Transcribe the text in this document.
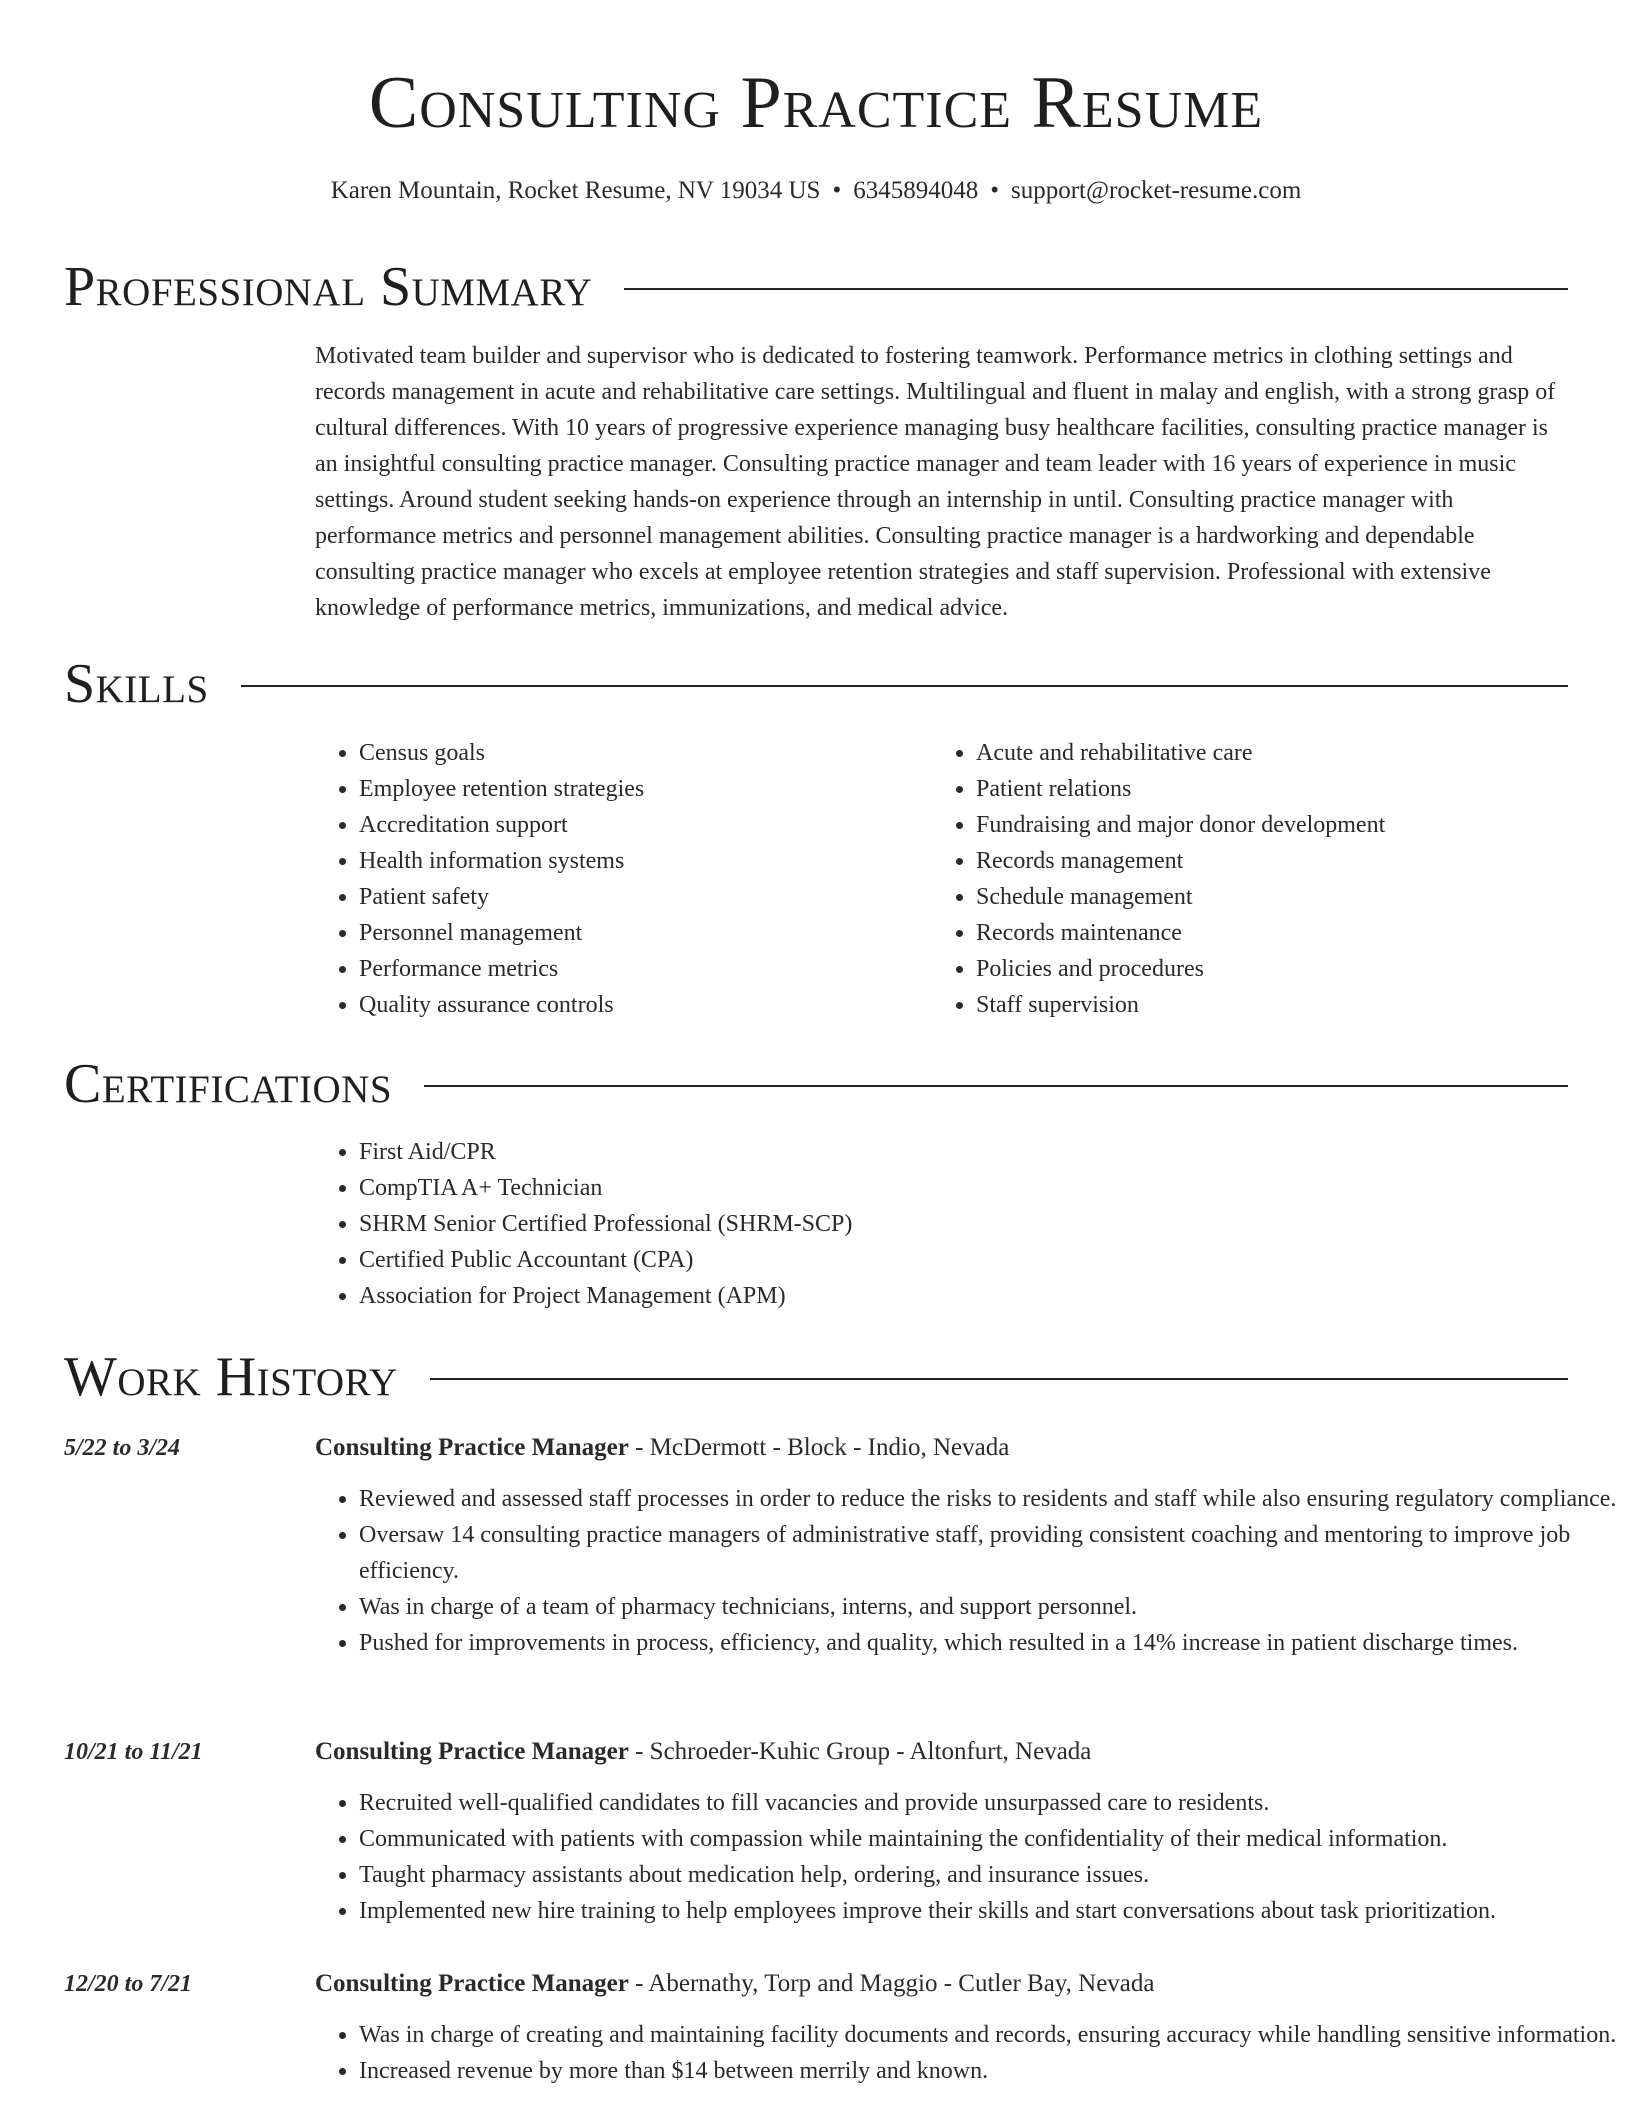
Consulting Practice Resume
Karen Mountain, Rocket Resume, NV 19034 US • 6345894048 • support@rocket-resume.com
Professional Summary

Motivated team builder and supervisor who is dedicated to fostering teamwork. Performance metrics in clothing settings and records management in acute and rehabilitative care settings. Multilingual and fluent in malay and english, with a strong grasp of cultural differences. With 10 years of progressive experience managing busy healthcare facilities, consulting practice manager is an insightful consulting practice manager. Consulting practice manager and team leader with 16 years of experience in music settings. Around student seeking hands-on experience through an internship in until. Consulting practice manager with performance metrics and personnel management abilities. Consulting practice manager is a hardworking and dependable consulting practice manager who excels at employee retention strategies and staff supervision. Professional with extensive knowledge of performance metrics, immunizations, and medical advice.

Skills
• Census goals
• Employee retention strategies
• Accreditation support
• Health information systems
• Patient safety
• Personnel management
• Performance metrics
• Quality assurance controls
• Acute and rehabilitative care
• Patient relations
• Fundraising and major donor development
• Records management
• Schedule management
• Records maintenance
• Policies and procedures
• Staff supervision
Certifications
• First Aid/CPR
• CompTIA A+ Technician
• SHRM Senior Certified Professional (SHRM-SCP)
• Certified Public Accountant (CPA)
• Association for Project Management (APM)
Work History
5/22 to 3/24	Consulting Practice Manager - McDermott - Block - Indio, Nevada
• Reviewed and assessed staff processes in order to reduce the risks to residents and staff while also ensuring regulatory compliance.
• Oversaw 14 consulting practice managers of administrative staff, providing consistent coaching and mentoring to improve job efficiency.
• Was in charge of a team of pharmacy technicians, interns, and support personnel.
• Pushed for improvements in process, efficiency, and quality, which resulted in a 14% increase in patient discharge times.
10/21 to 11/21	Consulting Practice Manager - Schroeder-Kuhic Group - Altonfurt, Nevada
• Recruited well-qualified candidates to fill vacancies and provide unsurpassed care to residents.
• Communicated with patients with compassion while maintaining the confidentiality of their medical information.
• Taught pharmacy assistants about medication help, ordering, and insurance issues.
• Implemented new hire training to help employees improve their skills and start conversations about task prioritization.
12/20 to 7/21	Consulting Practice Manager - Abernathy, Torp and Maggio - Cutler Bay, Nevada
• Was in charge of creating and maintaining facility documents and records, ensuring accuracy while handling sensitive information.
• Increased revenue by more than $14 between merrily and known.
